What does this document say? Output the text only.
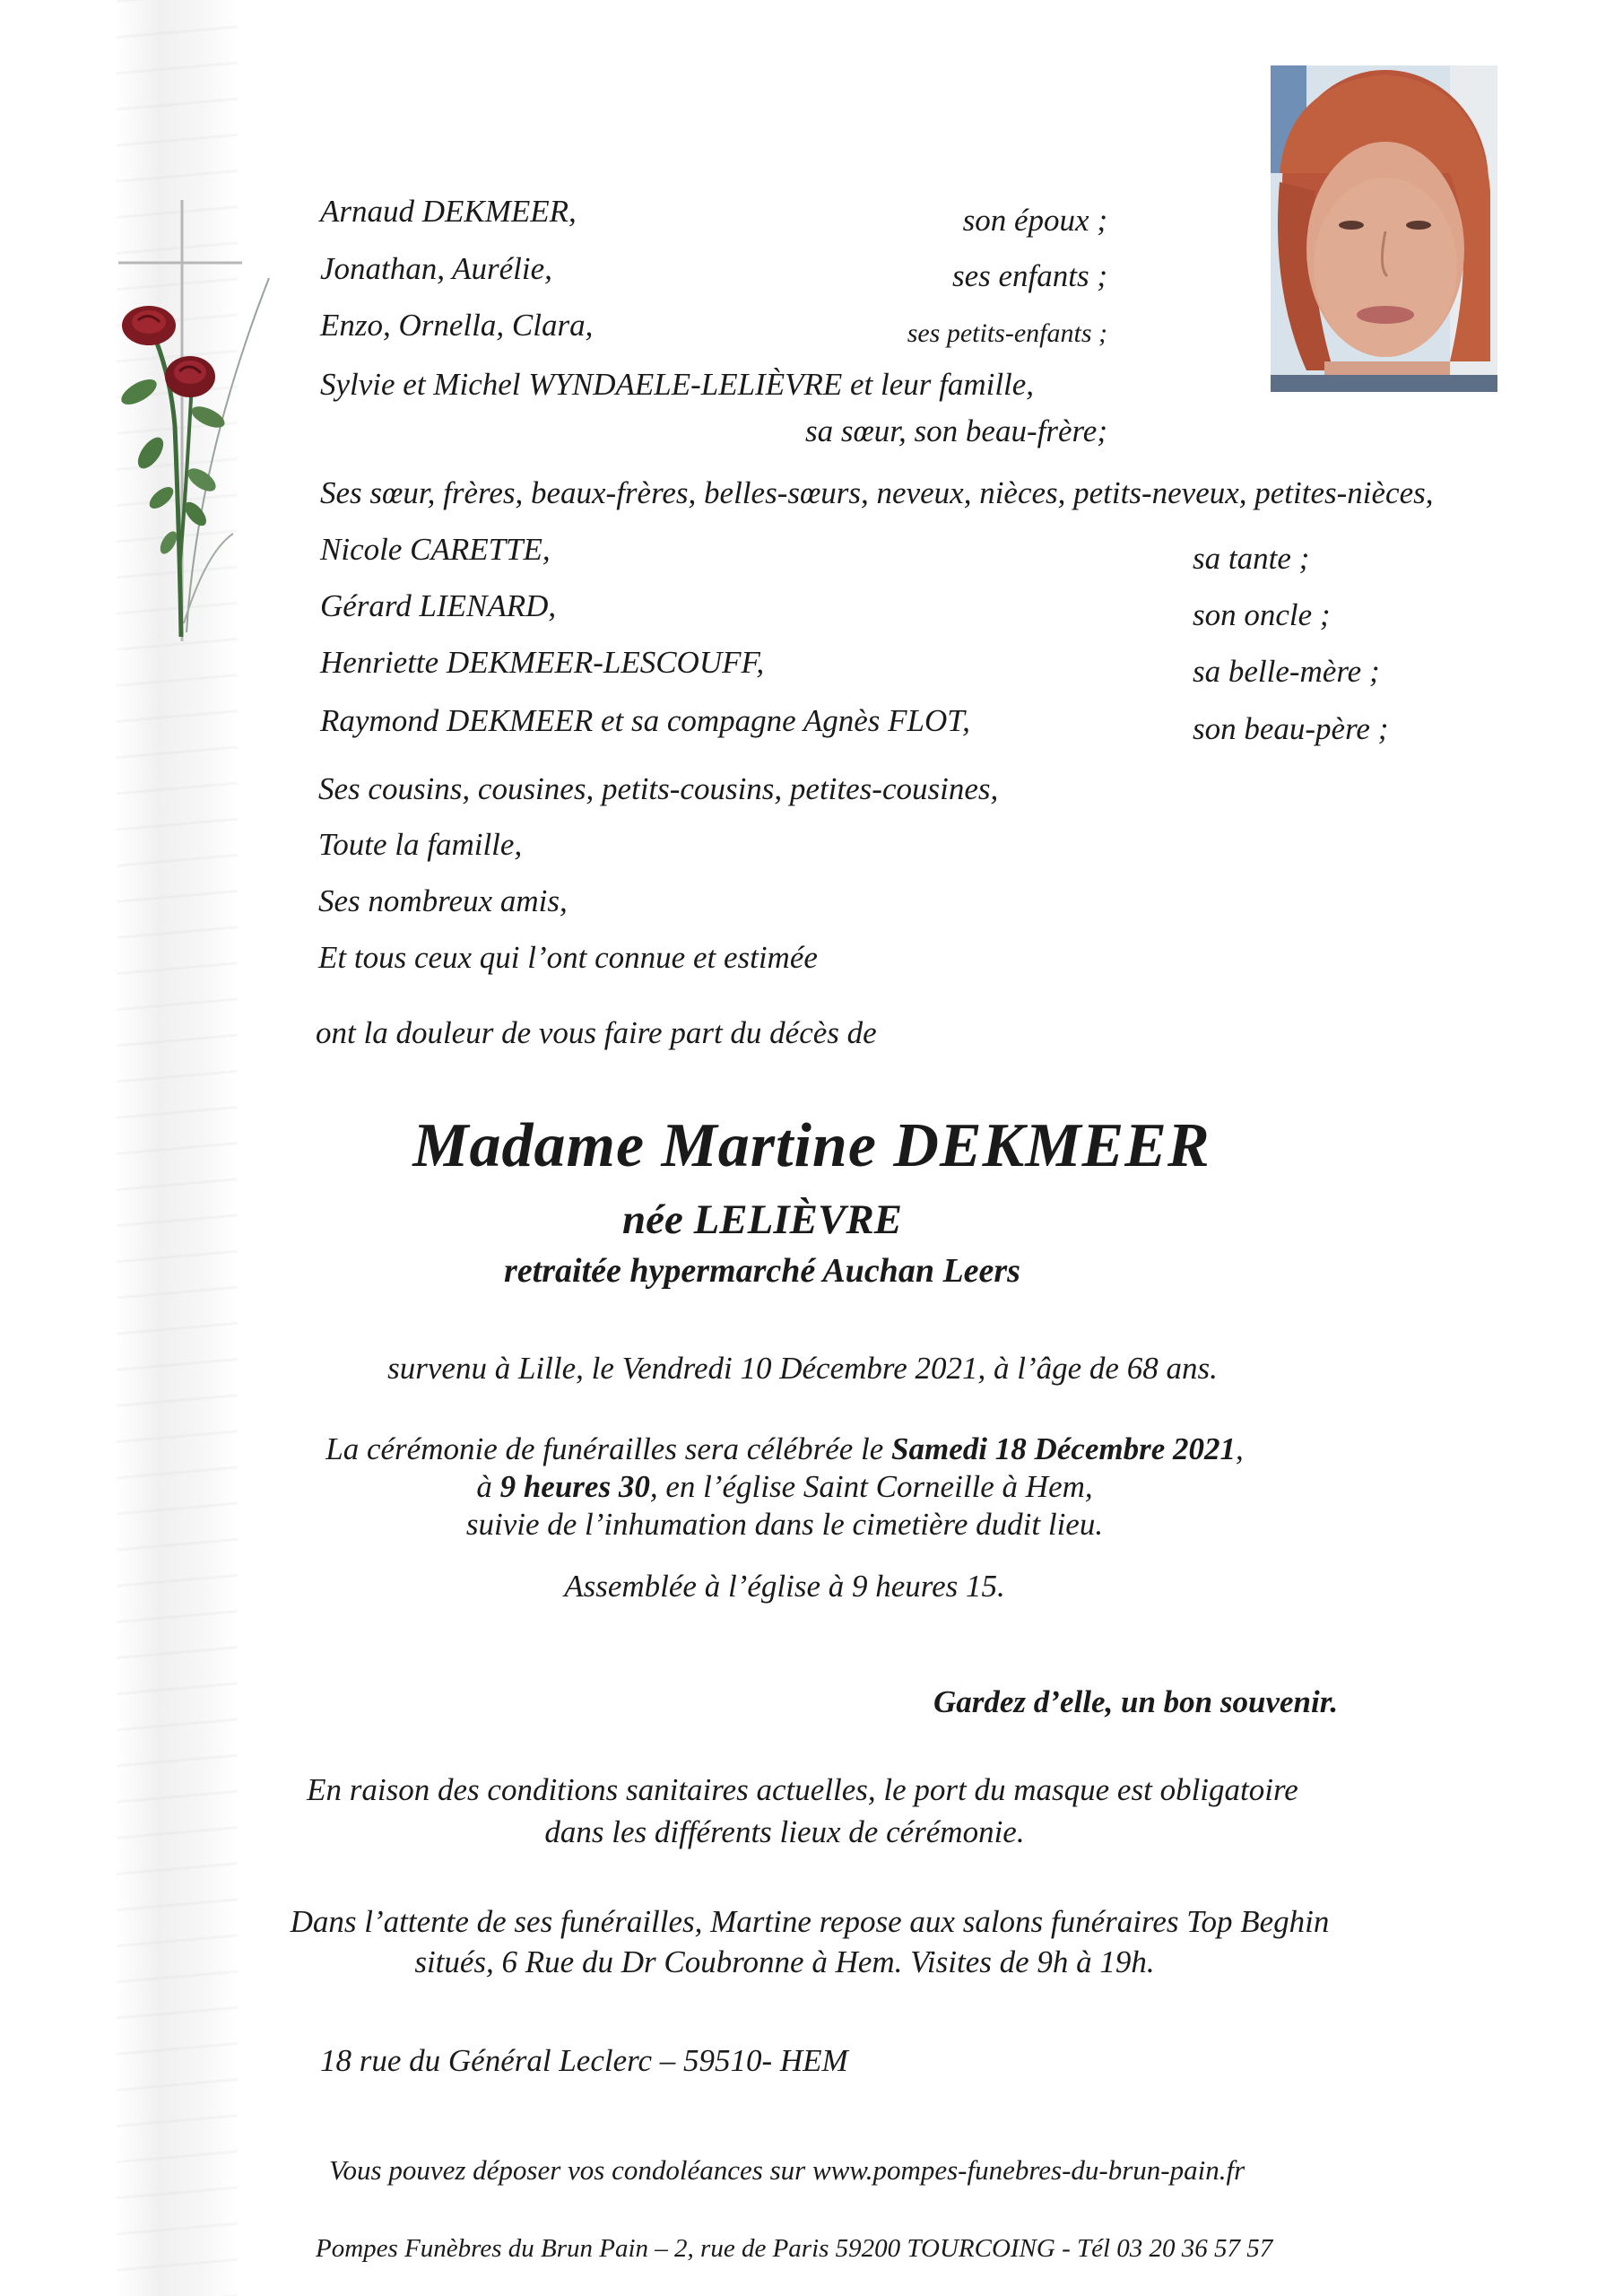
Arnaud DEKMEER,	son époux ;
Jonathan, Aurélie,	ses enfants ;
Enzo, Ornella, Clara,	ses petits-enfants ;
Sylvie et Michel WYNDAELE-LELIÈVRE et leur famille,
sa sœur, son beau-frère;
Ses sœur, frères, beaux-frères, belles-sœurs, neveux, nièces, petits-neveux, petites-nièces,
Nicole CARETTE,	sa tante ;
Gérard LIENARD,	son oncle ;
Henriette DEKMEER-LESCOUFF,	sa belle-mère ;
Raymond DEKMEER et sa compagne Agnès FLOT,	son beau-père ;
Ses cousins, cousines, petits-cousins, petites-cousines,
Toute la famille,
Ses nombreux amis,
Et tous ceux qui l’ont connue et estimée
ont la douleur de vous faire part du décès de
Madame Martine DEKMEER
née LELIÈVRE
retraitée hypermarché Auchan Leers
survenu à Lille, le Vendredi 10 Décembre 2021, à l’âge de 68 ans.
La cérémonie de funérailles sera célébrée le Samedi 18 Décembre 2021,
à 9 heures 30, en l’église Saint Corneille à Hem,
suivie de l’inhumation dans le cimetière dudit lieu.
Assemblée à l’église à 9 heures 15.
Gardez d’elle, un bon souvenir.
En raison des conditions sanitaires actuelles, le port du masque est obligatoire
dans les différents lieux de cérémonie.
Dans l’attente de ses funérailles, Martine repose aux salons funéraires Top Beghin
situés, 6 Rue du Dr Coubronne à Hem. Visites de 9h à 19h.
18 rue du Général Leclerc – 59510- HEM
Vous pouvez déposer vos condoléances sur www.pompes-funebres-du-brun-pain.fr
Pompes Funèbres du Brun Pain – 2, rue de Paris 59200 TOURCOING - Tél 03 20 36 57 57
